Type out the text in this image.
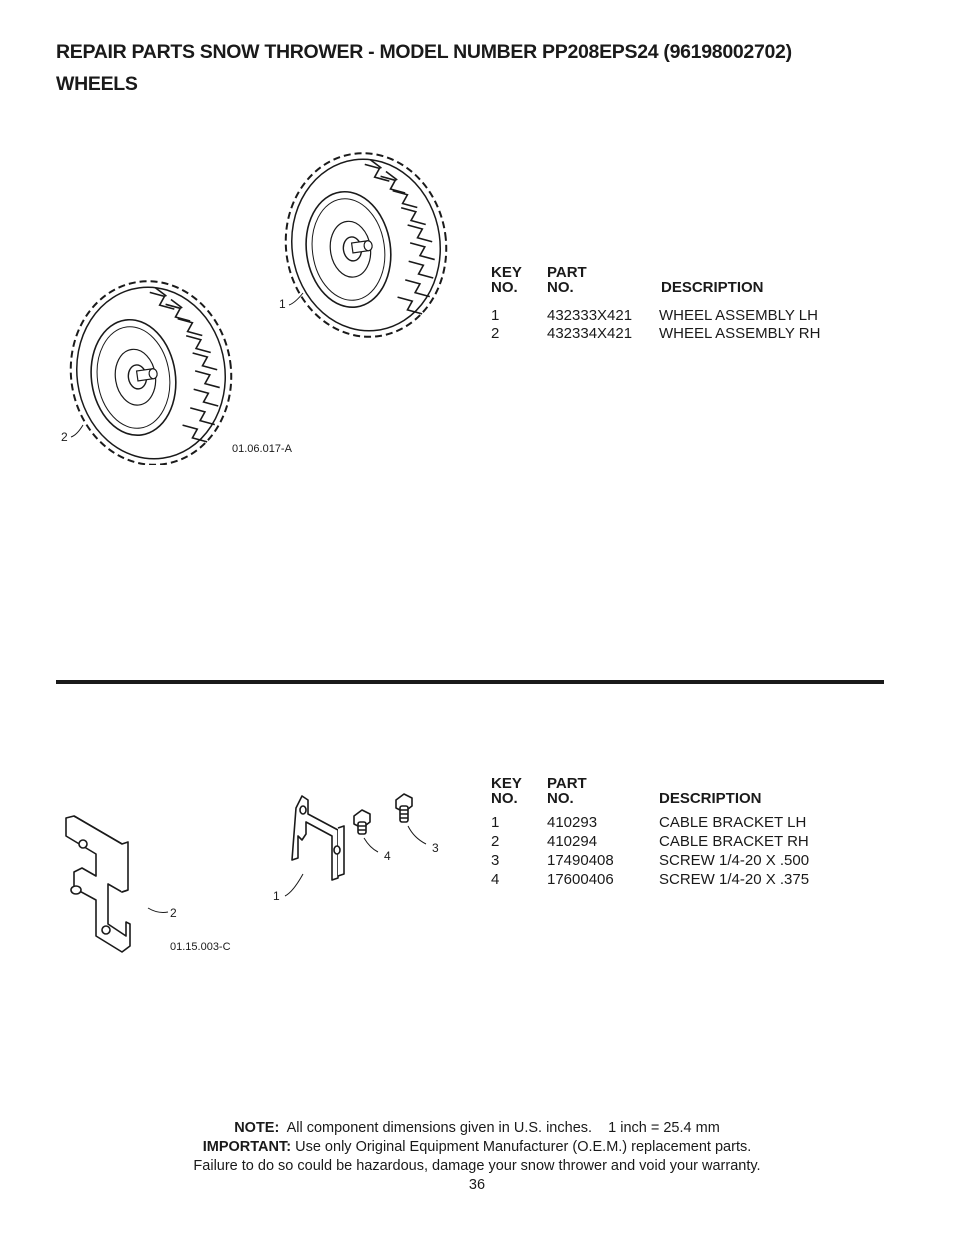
REPAIR PARTS SNOW THROWER - MODEL NUMBER PP208EPS24 (96198002702)
WHEELS
1
2
01.06.017-A
KEY
NO.
PART
NO.	DESCRIPTION
1	432333X421 WHEEL ASSEMBLY LH
2	432334X421 WHEEL ASSEMBLY RH
1
2
3
4
01.15.003-C
KEY
NO.
PART
NO.	DESCRIPTION
1	410293	CABLE BRACKET LH
2	410294	CABLE BRACKET RH
3	17490408	SCREW 1/4-20 X .500
4	17600406	SCREW 1/4-20 X .375
NOTE:  All component dimensions given in U.S. inches.    1 inch = 25.4 mm
IMPORTANT: Use only Original Equipment Manufacturer (O.E.M.) replacement parts.
Failure to do so could be hazardous, damage your snow thrower and void your warranty.
36
